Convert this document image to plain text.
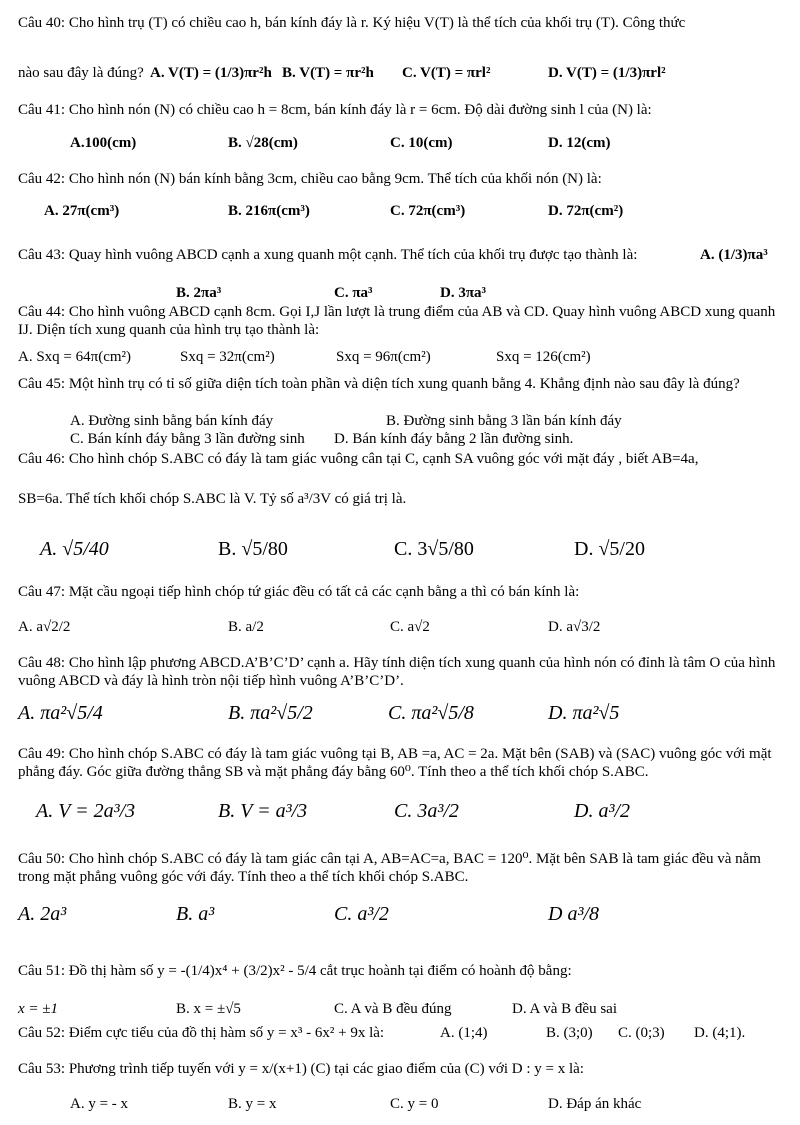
Câu 40: Cho hình trụ (T) có chiều cao h, bán kính đáy là r. Ký hiệu V(T) là thể tích của khối trụ (T). Công thức
nào sau đây là đúng? A. V(T) = (1/3)πr²h B. V(T) = πr²h C. V(T) = πrl²	D. V(T) = (1/3)πrl²
Câu 41: Cho hình nón (N) có chiều cao h = 8cm, bán kính đáy là r = 6cm. Độ dài đường sinh l của (N) là:
A.100(cm)	B. √28(cm)	C. 10(cm)	D. 12(cm)
Câu 42: Cho hình nón (N) bán kính bằng 3cm, chiều cao bằng 9cm. Thể tích của khối nón (N) là:
A. 27π(cm³)	B. 216π(cm³)	C. 72π(cm³)	D. 72π(cm²)
Câu 43: Quay hình vuông ABCD cạnh a xung quanh một cạnh. Thể tích của khối trụ được tạo thành là:	A. (1/3)πa³
B. 2πa³	C. πa³	D. 3πa³
Câu 44: Cho hình vuông ABCD cạnh 8cm. Gọi I,J lần lượt là trung điểm của AB và CD. Quay hình vuông ABCD xung quanh IJ. Diện tích xung quanh của hình trụ tạo thành là:
A. Sxq = 64π(cm²)	Sxq = 32π(cm²)	Sxq = 96π(cm²)	Sxq = 126(cm²)
Câu 45: Một hình trụ có tỉ số giữa diện tích toàn phần và diện tích xung quanh bằng 4. Khẳng định nào sau đây là đúng?
A. Đường sinh bằng bán kính đáy	B. Đường sinh bằng 3 lần bán kính đáy
C. Bán kính đáy bằng 3 lần đường sinh D. Bán kính đáy bằng 2 lần đường sinh.
Câu 46: Cho hình chóp S.ABC có đáy là tam giác vuông cân tại C, cạnh SA vuông góc với mặt đáy , biết AB=4a,
SB=6a. Thể tích khối chóp S.ABC là V. Tỷ số a³/3V có giá trị là.
A. √5/40	B. √5/80	C. 3√5/80	D. √5/20
Câu 47: Mặt cầu ngoại tiếp hình chóp tứ giác đều có tất cả các cạnh bằng a thì có bán kính là:
A. a√2/2	B. a/2	C. a√2	D. a√3/2
Câu 48: Cho hình lập phương ABCD.A’B’C’D’ cạnh a. Hãy tính diện tích xung quanh của hình nón có đỉnh là tâm O của hình vuông ABCD và đáy là hình tròn nội tiếp hình vuông A’B’C’D’.
A. πa²√5/4	B. πa²√5/2	C. πa²√5/8	D. πa²√5
Câu 49: Cho hình chóp S.ABC có đáy là tam giác vuông tại B, AB =a, AC = 2a. Mặt bên (SAB) và (SAC) vuông góc với mặt phẳng đáy. Góc giữa đường thẳng SB và mặt phẳng đáy bằng 60⁰. Tính theo a thể tích khối chóp S.ABC.
A. V = 2a³/3	B. V = a³/3	C. 3a³/2	D. a³/2
Câu 50: Cho hình chóp S.ABC có đáy là tam giác cân tại A, AB=AC=a, BAC = 120⁰. Mặt bên SAB là tam giác đều và nằm trong mặt phẳng vuông góc với đáy. Tính theo a thể tích khối chóp S.ABC.
A. 2a³	B. a³	C. a³/2	D a³/8
Câu 51: Đồ thị hàm số y = -(1/4)x⁴ + (3/2)x² - 5/4 cắt trục hoành tại điểm có hoành độ bằng:
x = ±1	B. x = ±√5	C. A và B đều đúng	D. A và B đều sai
Câu 52: Điểm cực tiểu của đồ thị hàm số y = x³ - 6x² + 9x là:	A. (1;4)	B. (3;0) C. (0;3) D. (4;1).
Câu 53: Phương trình tiếp tuyến với y = x/(x+1) (C) tại các giao điểm của (C) với D : y = x là:
A. y = - x	B. y = x	C. y = 0	D. Đáp án khác
